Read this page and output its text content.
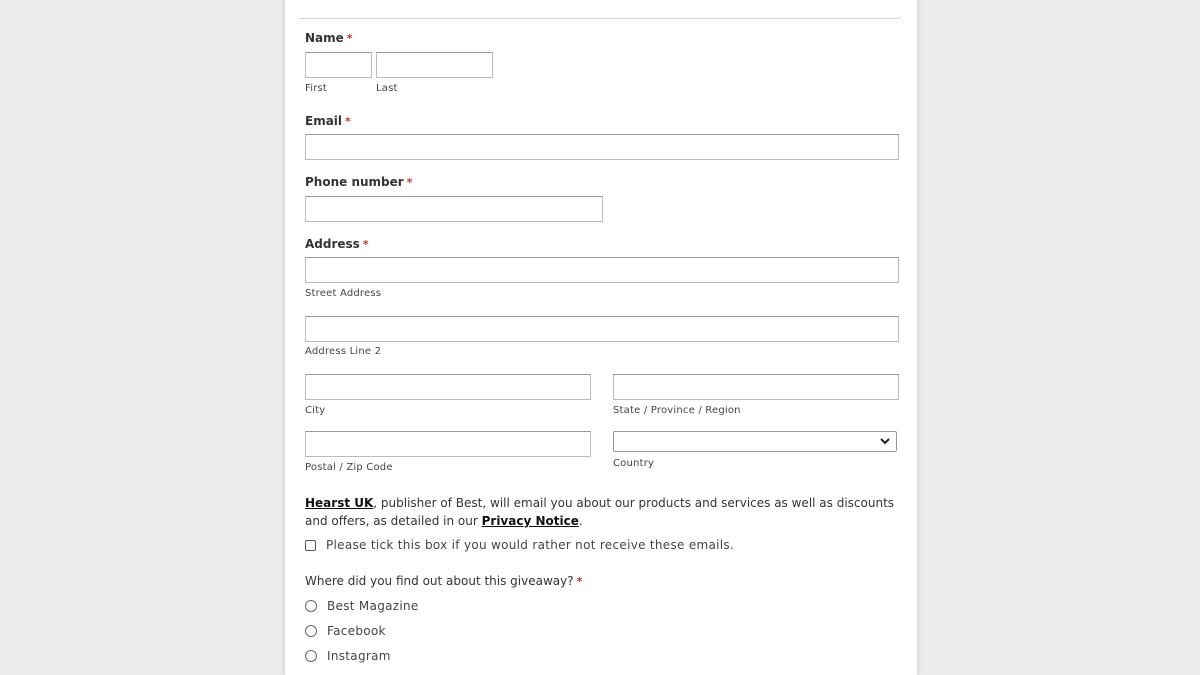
Name *
First	Last
Email *
Phone number *
Address *
Street Address
Address Line 2
City	State / Province / Region
Postal / Zip Code	Country
Hearst UK, publisher of Best, will email you about our products and services as well as discounts and offers, as detailed in our Privacy Notice.
Please tick this box if you would rather not receive these emails.
Where did you find out about this giveaway? *
Best Magazine
Facebook
Instagram
